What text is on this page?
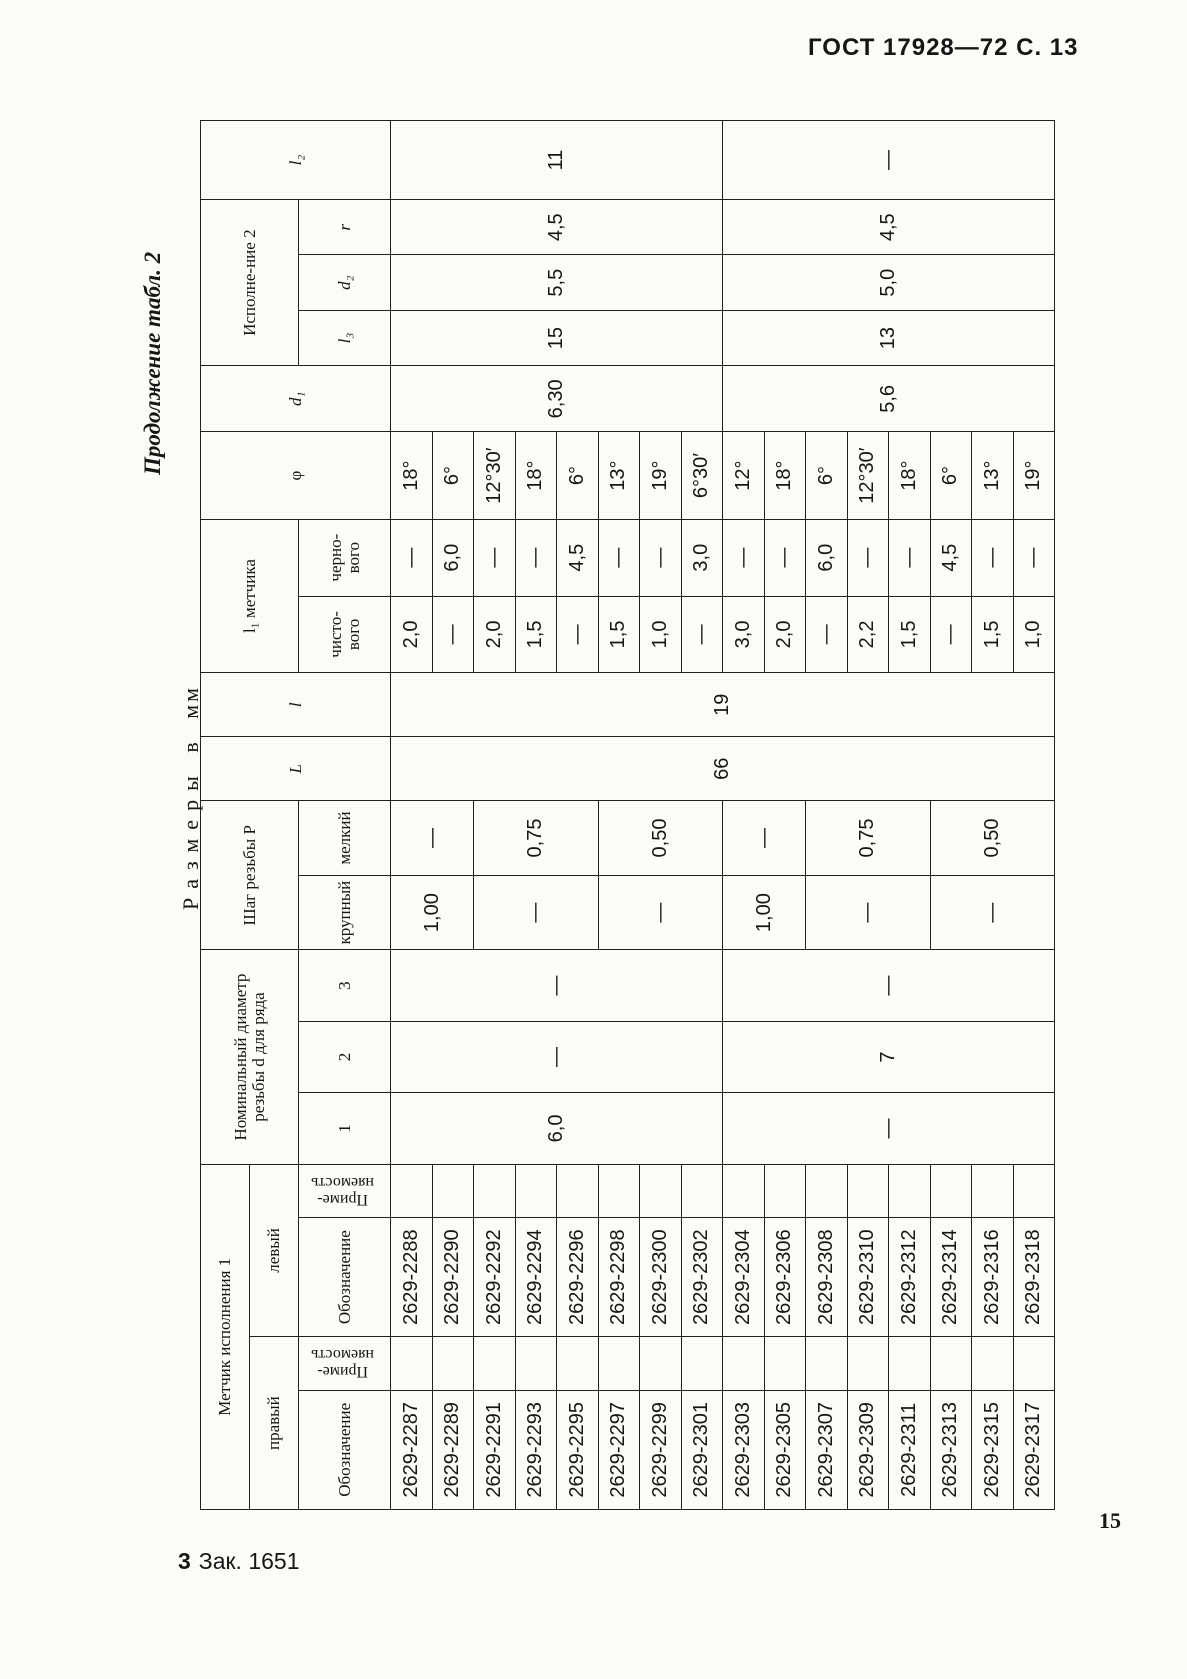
ГОСТ 17928—72 С. 13
Продолжение табл. 2
Размеры в мм
Метчик исполнения 1				Номинальный диаметр резьбы d для ряда			Шаг резьбы P		L	l	l₁ метчика		φ	d₁	Исполне-ние 2			l₂
правый		левый																
Обозначение	Приме-няемость	Обозначение	Приме-няемость	1	2	3	крупный	мелкий			чисто-вого	черно-вого			l₃	d₂	r	
2629-2287		2629-2288		6,0	—	—	1,00	—	66	19	2,0	—	18°	6,30	15	5,5	4,5	11
2629-2289		2629-2290									—	6,0	6°					
2629-2291		2629-2292					—	0,75			2,0	—	12°30′					
2629-2293		2629-2294									1,5	—	18°					
2629-2295		2629-2296									—	4,5	6°					
2629-2297		2629-2298					—	0,50			1,5	—	13°					
2629-2299		2629-2300									1,0	—	19°					
2629-2301		2629-2302									—	3,0	6°30′					
2629-2303		2629-2304		—	7	—	1,00	—			3,0	—	12°	5,6	13	5,0	4,5	—
2629-2305		2629-2306									2,0	—	18°					
2629-2307		2629-2308					—	0,75			—	6,0	6°					
2629-2309		2629-2310									2,2	—	12°30′					
2629-2311		2629-2312									1,5	—	18°					
2629-2313		2629-2314					—	0,50			—	4,5	6°					
2629-2315		2629-2316									1,5	—	13°					
2629-2317		2629-2318									1,0	—	19°					
15
3 Зак. 1651
